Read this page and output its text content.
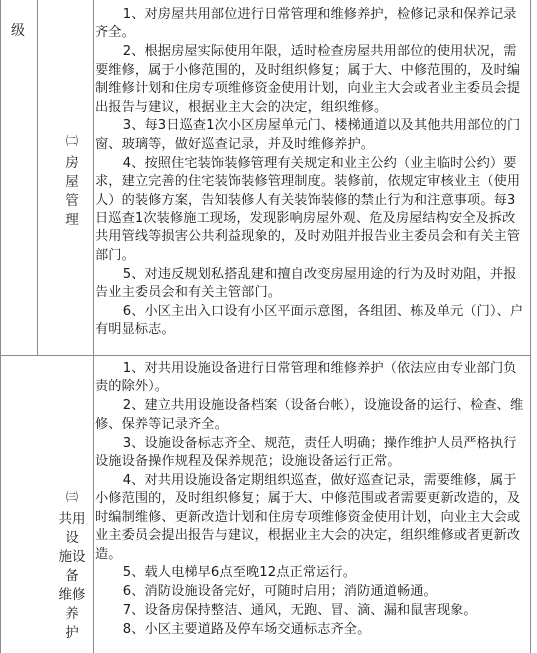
级
㈡
房
屋
管
理

1、对房屋共用部位进行日常管理和维修养护，检修记录和保养记录齐全。

2、根据房屋实际使用年限，适时检查房屋共用部位的使用状况，需要维修，属于小修范围的，及时组织修复；属于大、中修范围的，及时编制维修计划和住房专项维修资金使用计划，向业主大会或者业主委员会提出报告与建议，根据业主大会的决定，组织维修。

3、每3日巡查1次小区房屋单元门、楼梯通道以及其他共用部位的门窗、玻璃等，做好巡查记录，并及时维修养护。

4、按照住宅装饰装修管理有关规定和业主公约（业主临时公约）要求，建立完善的住宅装饰装修管理制度。装修前，依规定审核业主（使用人）的装修方案，告知装修人有关装饰装修的禁止行为和注意事项。每3日巡查1次装修施工现场，发现影响房屋外观、危及房屋结构安全及拆改共用管线等损害公共利益现象的，及时劝阻并报告业主委员会和有关主管部门。

5、对违反规划私搭乱建和擅自改变房屋用途的行为及时劝阻，并报告业主委员会和有关主管部门。

6、小区主出入口设有小区平面示意图，各组团、栋及单元（门）、户有明显标志。

㈢
共用设
施设备
维修养
护

1、对共用设施设备进行日常管理和维修养护（依法应由专业部门负责的除外）。

2、建立共用设施设备档案（设备台帐），设施设备的运行、检查、维修、保养等记录齐全。

3、设施设备标志齐全、规范，责任人明确；操作维护人员严格执行设施设备操作规程及保养规范；设施设备运行正常。

4、对共用设施设备定期组织巡查，做好巡查记录，需要维修，属于小修范围的，及时组织修复；属于大、中修范围或者需要更新改造的，及时编制维修、更新改造计划和住房专项维修资金使用计划，向业主大会或业主委员会提出报告与建议，根据业主大会的决定，组织维修或者更新改造。

5、载人电梯早6点至晚12点正常运行。

6、消防设施设备完好，可随时启用；消防通道畅通。

7、设备房保持整洁、通风，无跑、冒、滴、漏和鼠害现象。

8、小区主要道路及停车场交通标志齐全。
